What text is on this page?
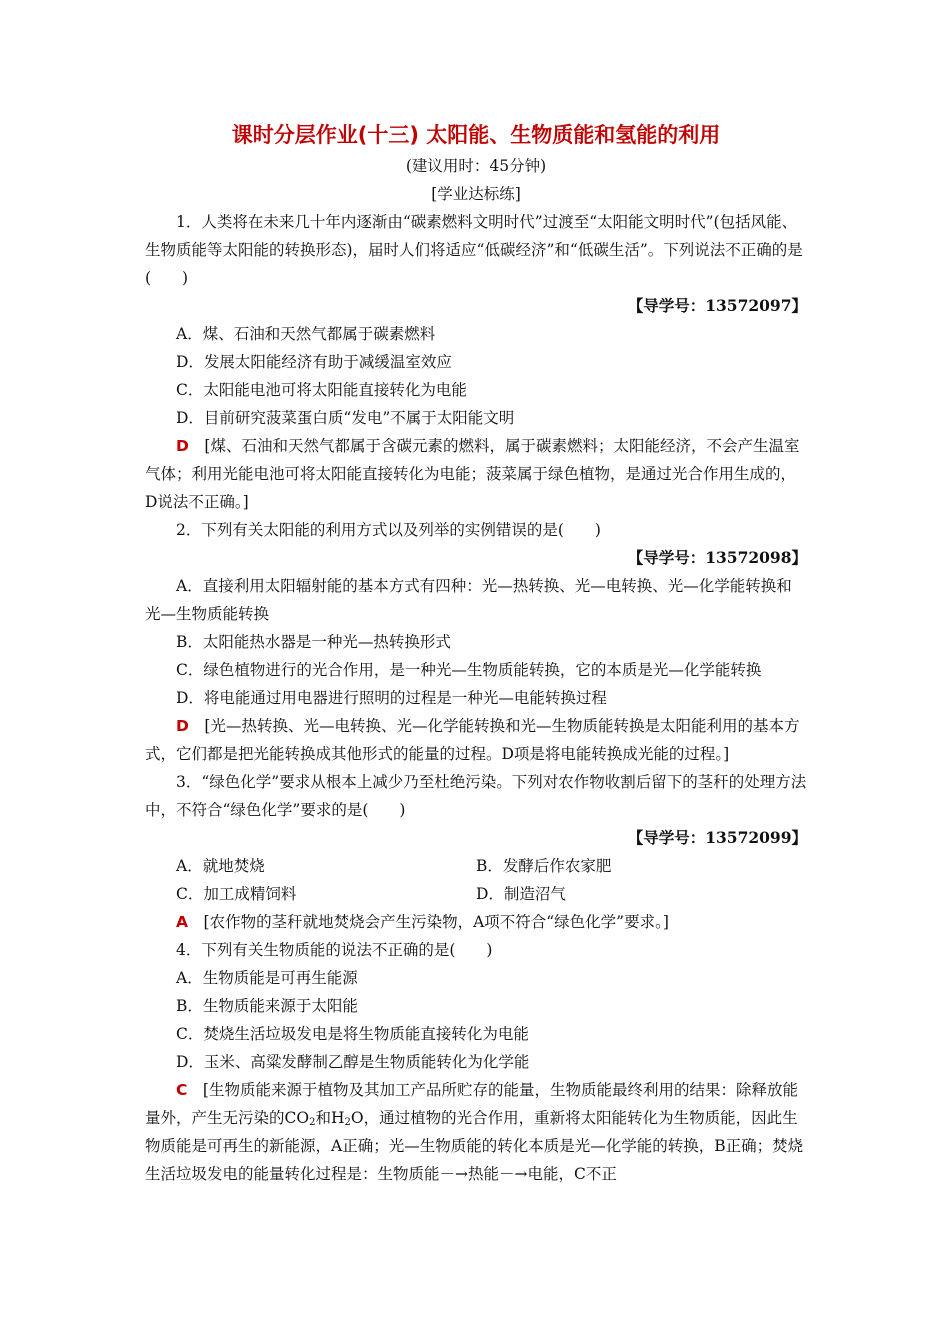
课时分层作业(十三) 太阳能、生物质能和氢能的利用

(建议用时：45分钟)

[学业达标练]

1．人类将在未来几十年内逐渐由“碳素燃料文明时代”过渡至“太阳能文明时代”(包括风能、生物质能等太阳能的转换形态)，届时人们将适应“低碳经济”和“低碳生活”。下列说法不正确的是(　　)

【导学号：13572097】

A．煤、石油和天然气都属于碳素燃料

D．发展太阳能经济有助于减缓温室效应

C．太阳能电池可将太阳能直接转化为电能

D．目前研究菠菜蛋白质“发电”不属于太阳能文明

D　 [煤、石油和天然气都属于含碳元素的燃料，属于碳素燃料；太阳能经济，不会产生温室气体；利用光能电池可将太阳能直接转化为电能；菠菜属于绿色植物，是通过光合作用生成的，D说法不正确。]

2．下列有关太阳能的利用方式以及列举的实例错误的是(　　)

【导学号：13572098】

A．直接利用太阳辐射能的基本方式有四种：光—热转换、光—电转换、光—化学能转换和光—生物质能转换

B．太阳能热水器是一种光—热转换形式

C．绿色植物进行的光合作用，是一种光—生物质能转换，它的本质是光—化学能转换

D．将电能通过用电器进行照明的过程是一种光—电能转换过程

D　 [光—热转换、光—电转换、光—化学能转换和光—生物质能转换是太阳能利用的基本方式，它们都是把光能转换成其他形式的能量的过程。D项是将电能转换成光能的过程。]

3．“绿色化学”要求从根本上减少乃至杜绝污染。下列对农作物收割后留下的茎秆的处理方法中，不符合“绿色化学”要求的是(　　)

【导学号：13572099】

A．就地焚烧	B．发酵后作农家肥
C．加工成精饲料	D．制造沼气

A　 [农作物的茎秆就地焚烧会产生污染物，A项不符合“绿色化学”要求。]

4．下列有关生物质能的说法不正确的是(　　)

A．生物质能是可再生能源

B．生物质能来源于太阳能

C．焚烧生活垃圾发电是将生物质能直接转化为电能

D．玉米、高粱发酵制乙醇是生物质能转化为化学能

C　 [生物质能来源于植物及其加工产品所贮存的能量，生物质能最终利用的结果：除释放能量外，产生无污染的$CO_2$和$H_2O$，通过植物的光合作用，重新将太阳能转化为生物质能，因此生物质能是可再生的新能源，A正确；光—生物质能的转化本质是光—化学能的转换，B正确；焚烧生活垃圾发电的能量转化过程是：生物质能－→热能－→电能，C不正
